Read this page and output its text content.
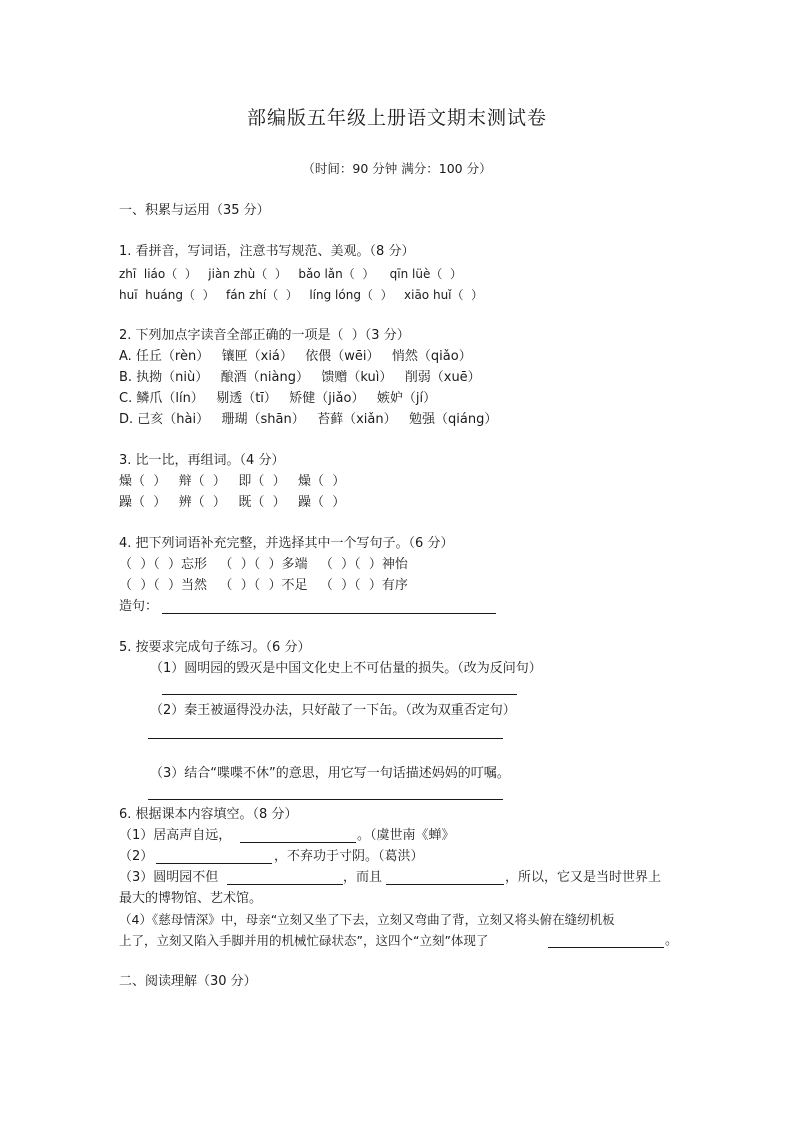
部编版五年级上册语文期末测试卷
（时间：90 分钟 满分：100 分）
一、积累与运用（35 分）
1. 看拼音，写词语，注意书写规范、美观。（8 分）
zhī  liáo（  ）   jiàn zhù（  ）   bǎo lǎn（  ）    qīn lüè（  ）
huī  huáng（  ）   fán zhí（  ）   líng lóng（  ）   xiāo huǐ（  ）
2. 下列加点字读音全部正确的一项是（  ）（3 分）
A. 任丘（rèn）   镶匣（xiá）   依偎（wēi）   悄然（qiǎo）
B. 执拗（niù）   酿酒（niàng）   馈赠（kuì）   削弱（xuē）
C. 鳞爪（lín）   剔透（tī）   矫健（jiǎo）   嫉妒（jí）
D. 己亥（hài）   珊瑚（shān）   苔藓（xiǎn）   勉强（qiáng）
3. 比一比，再组词。（4 分）
燥（  ）   辩（  ）   即（  ）   燥（  ）
躁（  ）   辨（  ）   既（  ）   躁（  ）
4. 把下列词语补充完整，并选择其中一个写句子。（6 分）
（  ）（  ）忘形   （  ）（  ）多端   （  ）（  ）神怡
（  ）（  ）当然   （  ）（  ）不足   （  ）（  ）有序
造句：
5. 按要求完成句子练习。（6 分）
（1）圆明园的毁灭是中国文化史上不可估量的损失。（改为反问句）
（2）秦王被逼得没办法，只好敲了一下缶。（改为双重否定句）
（3）结合“喋喋不休”的意思，用它写一句话描述妈妈的叮嘱。
6. 根据课本内容填空。（8 分）
（1）居高声自远，	。（虞世南《蝉》
（2）	，不弃功于寸阴。（葛洪）
（3）圆明园不但	，而且	，所以，它又是当时世界上
最大的博物馆、艺术馆。
（4）《慈母情深》中，母亲“立刻又坐了下去，立刻又弯曲了背，立刻又将头俯在缝纫机板
上了，立刻又陷入手脚并用的机械忙碌状态”，这四个“立刻”体现了	。
二、阅读理解（30 分）
